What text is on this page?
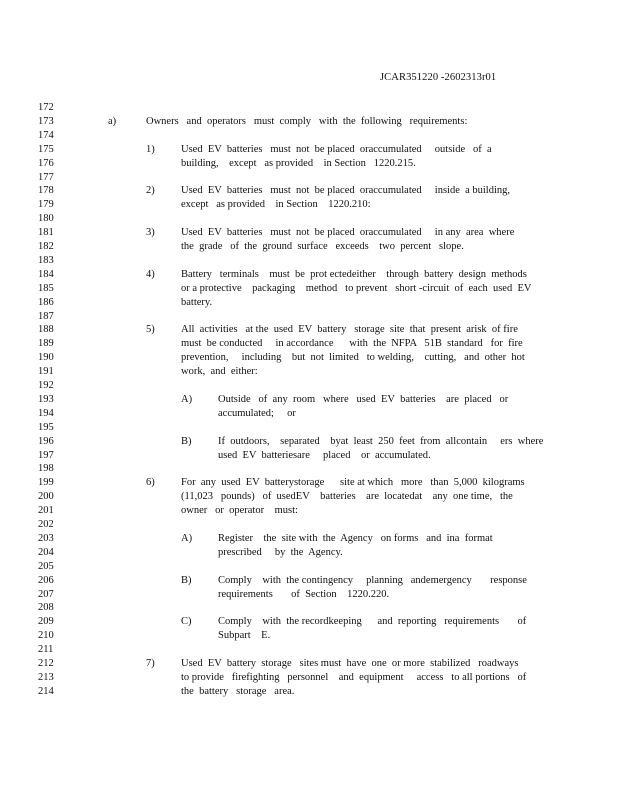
JCAR351220 -2602313r01
172
173	a)	Owners   and  operators   must  comply   with  the  following   requirements:
174
175	1)	Used  EV  batteries   must  not  be placed  oraccumulated     outside   of  a
176	building,    except   as provided    in Section   1220.215.
177
178	2)	Used  EV  batteries   must  not  be placed  oraccumulated     inside  a building,
179	except   as provided    in Section    1220.210:
180
181	3)	Used  EV  batteries   must  not  be placed  oraccumulated     in any  area  where
182	the  grade   of  the  ground  surface   exceeds    two  percent   slope.
183
184	4)	Battery   terminals    must  be  prot ectedeither    through  battery  design  methods
185	or a protective    packaging    method   to prevent   short -circuit  of  each  used  EV
186	battery.
187
188	5)	All  activities   at the  used  EV  battery   storage  site  that  present  arisk  of fire
189	must  be conducted     in accordance      with  the  NFPA   51B  standard   for  fire
190	prevention,     including    but  not  limited   to welding,    cutting,   and  other  hot
191	work,  and  either:
192
193	A) Outside   of  any  room   where   used  EV  batteries    are  placed   or
194	accumulated;     or
195
196	B)	If  outdoors,    separated    byat  least  250  feet  from  allcontain     ers  where
197	used  EV  batteriesare     placed    or  accumulated.
198
199	6)	For  any  used  EV  batterystorage      site at which   more   than  5,000  kilograms
200	(11,023   pounds)   of  usedEV    batteries    are  locatedat    any  one time,   the
201	owner   or  operator    must:
202
203	A) Register    the  site with  the  Agency   on forms   and  ina  format
204	prescribed     by  the  Agency.
205
206	B)	Comply    with  the contingency     planning   andemergency       response
207	requirements       of  Section    1220.220.
208
209	C)	Comply    with  the recordkeeping      and  reporting   requirements       of
210	Subpart    E.
211
212	7)	Used  EV  battery  storage   sites must  have  one  or more  stabilized   roadways
213	to provide   firefighting   personnel    and  equipment     access   to all portions   of
214	the  battery   storage   area.
